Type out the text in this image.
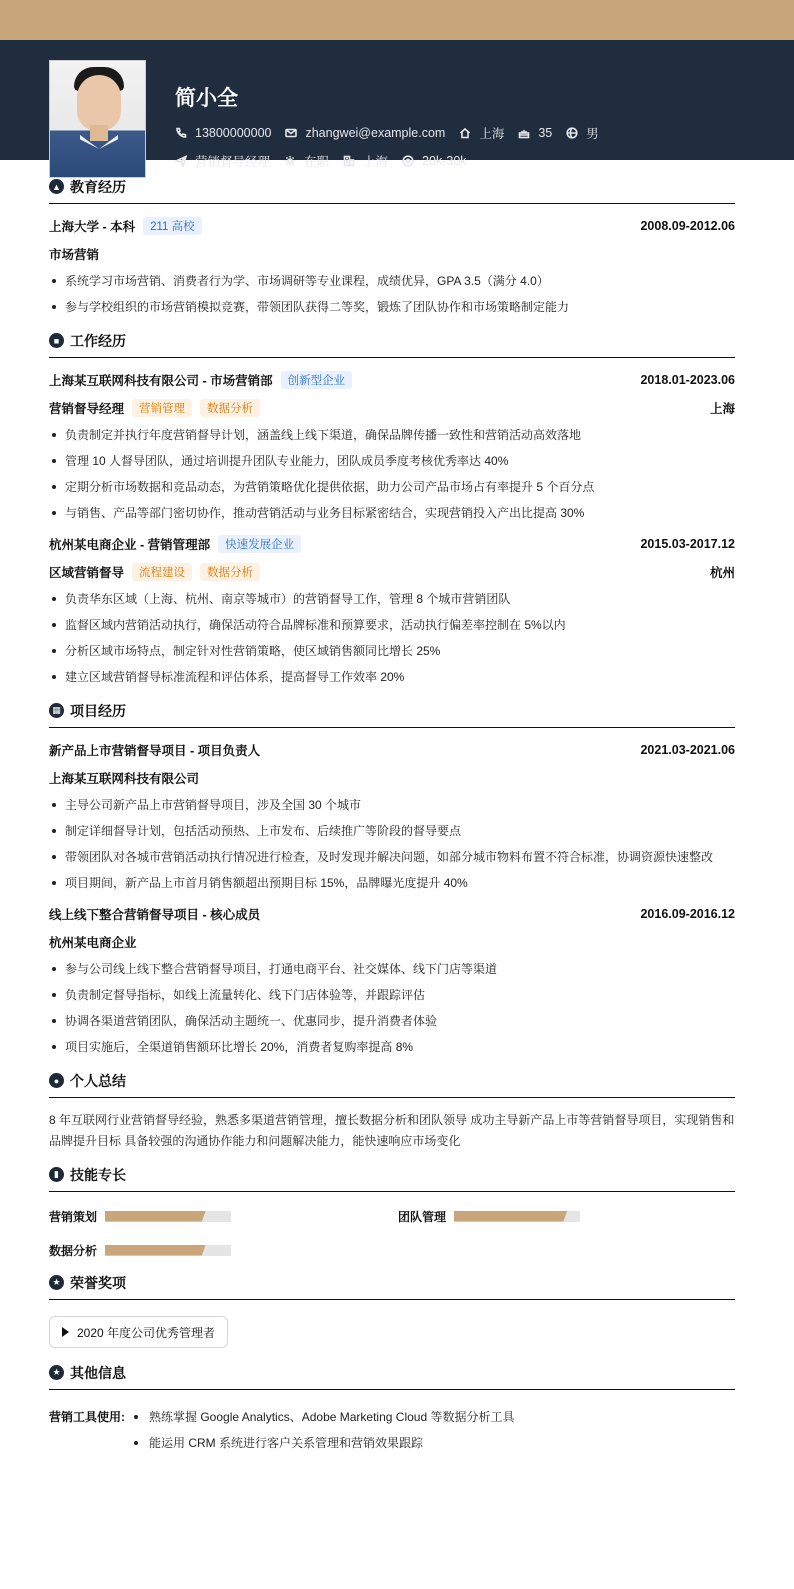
简小全
13800000000	zhangwei@example.com	上海	35	男
营销督导经理	在职	上海	20k-30k
▲ 教育经历
上海大学 - 本科	211 高校	2008.09-2012.06
市场营销
系统学习市场营销、消费者行为学、市场调研等专业课程，成绩优异，GPA 3.5（满分 4.0）
参与学校组织的市场营销模拟竞赛，带领团队获得二等奖，锻炼了团队协作和市场策略制定能力
■ 工作经历
上海某互联网科技有限公司 - 市场营销部	创新型企业	2018.01-2023.06
营销督导经理	营销管理	数据分析	上海
负责制定并执行年度营销督导计划，涵盖线上线下渠道，确保品牌传播一致性和营销活动高效落地
管理 10 人督导团队，通过培训提升团队专业能力，团队成员季度考核优秀率达 40%
定期分析市场数据和竞品动态，为营销策略优化提供依据，助力公司产品市场占有率提升 5 个百分点
与销售、产品等部门密切协作，推动营销活动与业务目标紧密结合，实现营销投入产出比提高 30%
杭州某电商企业 - 营销管理部	快速发展企业	2015.03-2017.12
区域营销督导	流程建设	数据分析	杭州
负责华东区域（上海、杭州、南京等城市）的营销督导工作，管理 8 个城市营销团队
监督区域内营销活动执行，确保活动符合品牌标准和预算要求，活动执行偏差率控制在 5%以内
分析区域市场特点，制定针对性营销策略，使区域销售额同比增长 25%
建立区域营销督导标准流程和评估体系，提高督导工作效率 20%
▦ 项目经历
新产品上市营销督导项目 - 项目负责人	2021.03-2021.06
上海某互联网科技有限公司
主导公司新产品上市营销督导项目，涉及全国 30 个城市
制定详细督导计划，包括活动预热、上市发布、后续推广等阶段的督导要点
带领团队对各城市营销活动执行情况进行检查，及时发现并解决问题，如部分城市物料布置不符合标准，协调资源快速整改
项目期间，新产品上市首月销售额超出预期目标 15%，品牌曝光度提升 40%
线上线下整合营销督导项目 - 核心成员	2016.09-2016.12
杭州某电商企业
参与公司线上线下整合营销督导项目，打通电商平台、社交媒体、线下门店等渠道
负责制定督导指标，如线上流量转化、线下门店体验等，并跟踪评估
协调各渠道营销团队，确保活动主题统一、优惠同步，提升消费者体验
项目实施后，全渠道销售额环比增长 20%，消费者复购率提高 8%
● 个人总结
8 年互联网行业营销督导经验，熟悉多渠道营销管理，擅长数据分析和团队领导 成功主导新产品上市等营销督导项目，实现销售和
品牌提升目标 具备较强的沟通协作能力和问题解决能力，能快速响应市场变化
▮ 技能专长
营销策划	团队管理
数据分析
★ 荣誉奖项
2020 年度公司优秀管理者
★ 其他信息
营销工具使用:	熟练掌握 Google Analytics、Adobe Marketing Cloud 等数据分析工具
能运用 CRM 系统进行客户关系管理和营销效果跟踪
